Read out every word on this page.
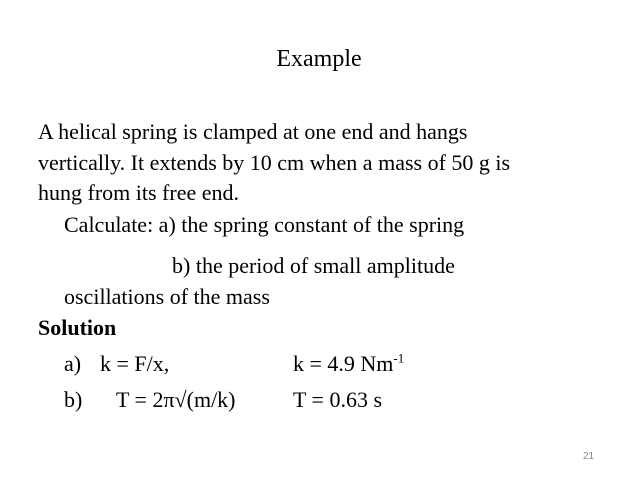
Example
A helical spring is clamped at one end and hangs
vertically. It extends by 10 cm when a mass of 50 g is
hung from its free end.
Calculate: a) the spring constant of the spring
b) the period of small amplitude
oscillations of the mass
Solution
a) k = F/x,	k = 4.9 $Nm^{-1}$
b) T = 2π√(m/k)	T = 0.63 s
21
